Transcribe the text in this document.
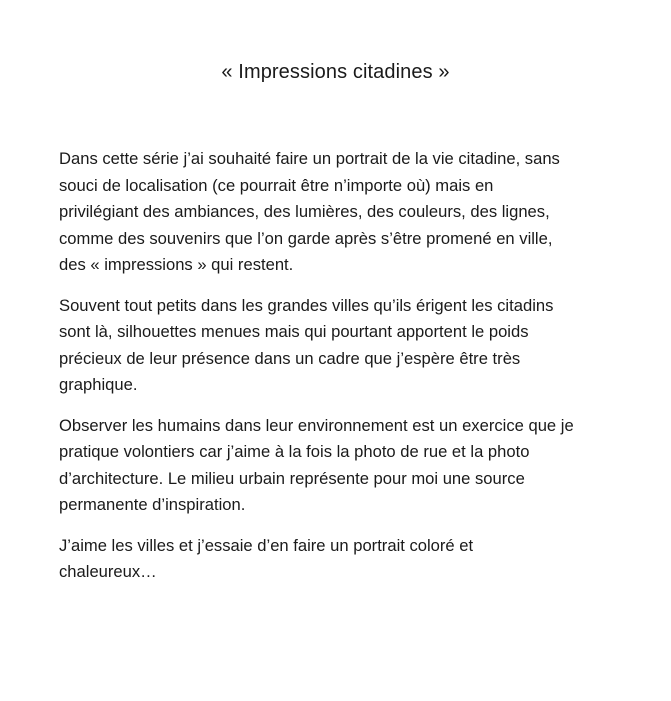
« Impressions citadines »

Dans cette série j’ai souhaité faire un portrait de la vie citadine, sans
souci de localisation (ce pourrait être n’importe où) mais en
privilégiant des ambiances, des lumières, des couleurs, des lignes,
comme des souvenirs que l’on garde après s’être promené en ville,
des « impressions » qui restent.

Souvent tout petits dans les grandes villes qu’ils érigent les citadins
sont là, silhouettes menues mais qui pourtant apportent le poids
précieux de leur présence dans un cadre que j’espère être très
graphique.

Observer les humains dans leur environnement est un exercice que je
pratique volontiers car j’aime à la fois la photo de rue et la photo
d’architecture. Le milieu urbain représente pour moi une source
permanente d’inspiration.

J’aime les villes et j’essaie d’en faire un portrait coloré et
chaleureux…
